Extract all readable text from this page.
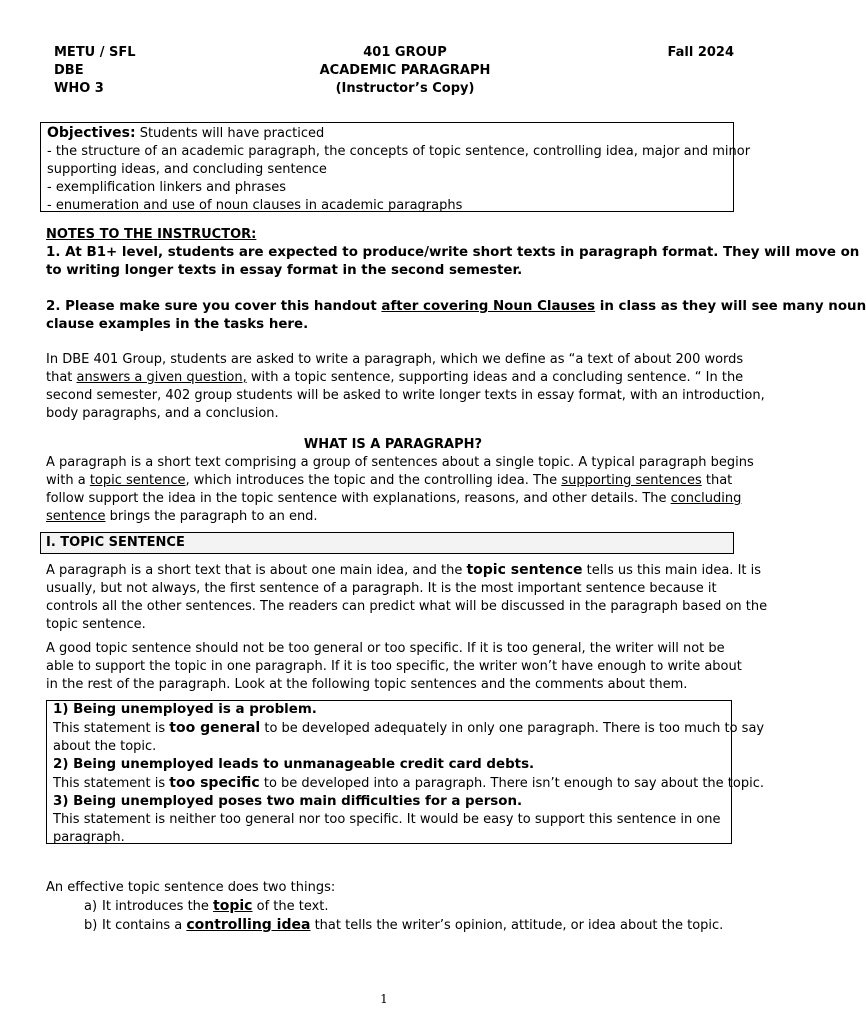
METU / SFL
DBE
WHO 3
401 GROUP
ACADEMIC PARAGRAPH
(Instructor’s Copy)
Fall 2024
Objectives: Students will have practiced
- the structure of an academic paragraph, the concepts of topic sentence, controlling idea, major and minor
supporting ideas, and concluding sentence
- exemplification linkers and phrases
- enumeration and use of noun clauses in academic paragraphs
NOTES TO THE INSTRUCTOR:
1. At B1+ level, students are expected to produce/write short texts in paragraph format. They will move on
to writing longer texts in essay format in the second semester.
2. Please make sure you cover this handout after covering Noun Clauses in class as they will see many noun
clause examples in the tasks here.
In DBE 401 Group, students are asked to write a paragraph, which we define as “a text of about 200 words
that answers a given question, with a topic sentence, supporting ideas and a concluding sentence. “ In the
second semester, 402 group students will be asked to write longer texts in essay format, with an introduction,
body paragraphs, and a conclusion.
WHAT IS A PARAGRAPH?
A paragraph is a short text comprising a group of sentences about a single topic. A typical paragraph begins
with a topic sentence, which introduces the topic and the controlling idea. The supporting sentences that
follow support the idea in the topic sentence with explanations, reasons, and other details. The concluding
sentence brings the paragraph to an end.
I. TOPIC SENTENCE
A paragraph is a short text that is about one main idea, and the topic sentence tells us this main idea. It is
usually, but not always, the first sentence of a paragraph. It is the most important sentence because it
controls all the other sentences. The readers can predict what will be discussed in the paragraph based on the
topic sentence.
A good topic sentence should not be too general or too specific. If it is too general, the writer will not be
able to support the topic in one paragraph. If it is too specific, the writer won’t have enough to write about
in the rest of the paragraph. Look at the following topic sentences and the comments about them.
1) Being unemployed is a problem.
This statement is too general to be developed adequately in only one paragraph. There is too much to say
about the topic.
2) Being unemployed leads to unmanageable credit card debts.
This statement is too specific to be developed into a paragraph. There isn’t enough to say about the topic.
3) Being unemployed poses two main difficulties for a person.
This statement is neither too general nor too specific. It would be easy to support this sentence in one
paragraph.
An effective topic sentence does two things:
a) It introduces the topic of the text.
b) It contains a controlling idea that tells the writer’s opinion, attitude, or idea about the topic.
1
